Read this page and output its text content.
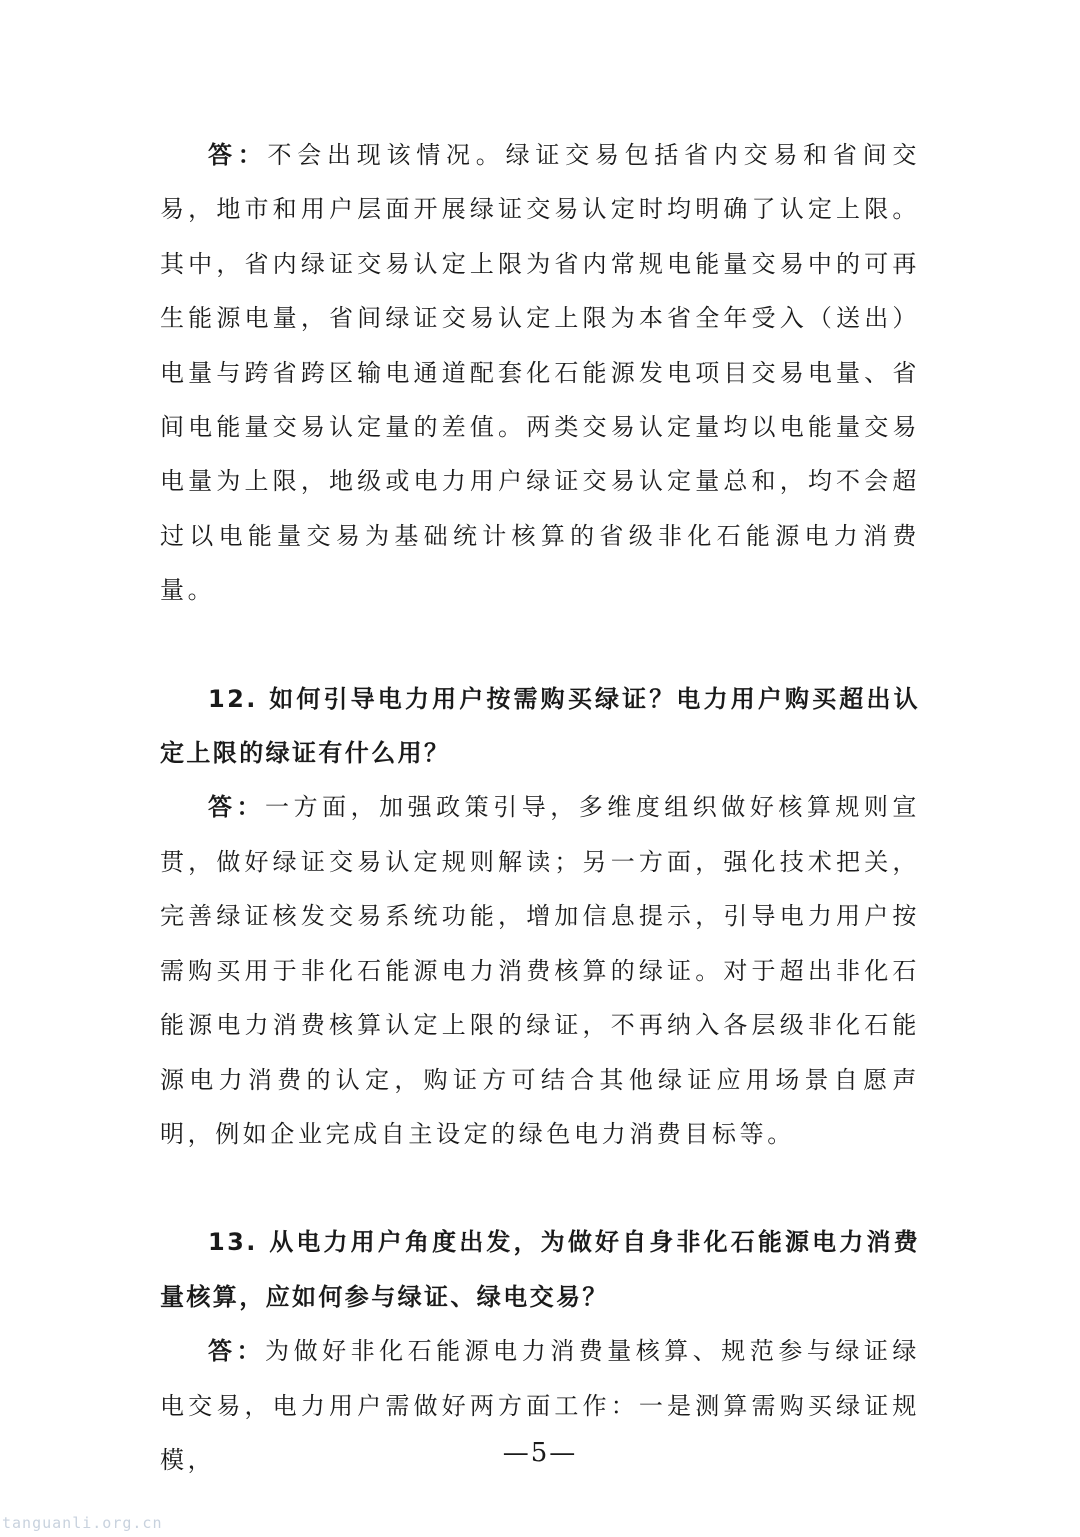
答：不会出现该情况。绿证交易包括省内交易和省间交易，地市和用户层面开展绿证交易认定时均明确了认定上限。其中，省内绿证交易认定上限为省内常规电能量交易中的可再生能源电量，省间绿证交易认定上限为本省全年受入（送出）电量与跨省跨区输电通道配套化石能源发电项目交易电量、省间电能量交易认定量的差值。两类交易认定量均以电能量交易电量为上限，地级或电力用户绿证交易认定量总和，均不会超过以电能量交易为基础统计核算的省级非化石能源电力消费量。

12. 如何引导电力用户按需购买绿证？电力用户购买超出认定上限的绿证有什么用？

答：一方面，加强政策引导，多维度组织做好核算规则宣贯，做好绿证交易认定规则解读；另一方面，强化技术把关，完善绿证核发交易系统功能，增加信息提示，引导电力用户按需购买用于非化石能源电力消费核算的绿证。对于超出非化石能源电力消费核算认定上限的绿证，不再纳入各层级非化石能源电力消费的认定，购证方可结合其他绿证应用场景自愿声明，例如企业完成自主设定的绿色电力消费目标等。

13. 从电力用户角度出发，为做好自身非化石能源电力消费量核算，应如何参与绿证、绿电交易？

答：为做好非化石能源电力消费量核算、规范参与绿证绿电交易，电力用户需做好两方面工作：一是测算需购买绿证规模，	—5—
tanguanli.org.cn
